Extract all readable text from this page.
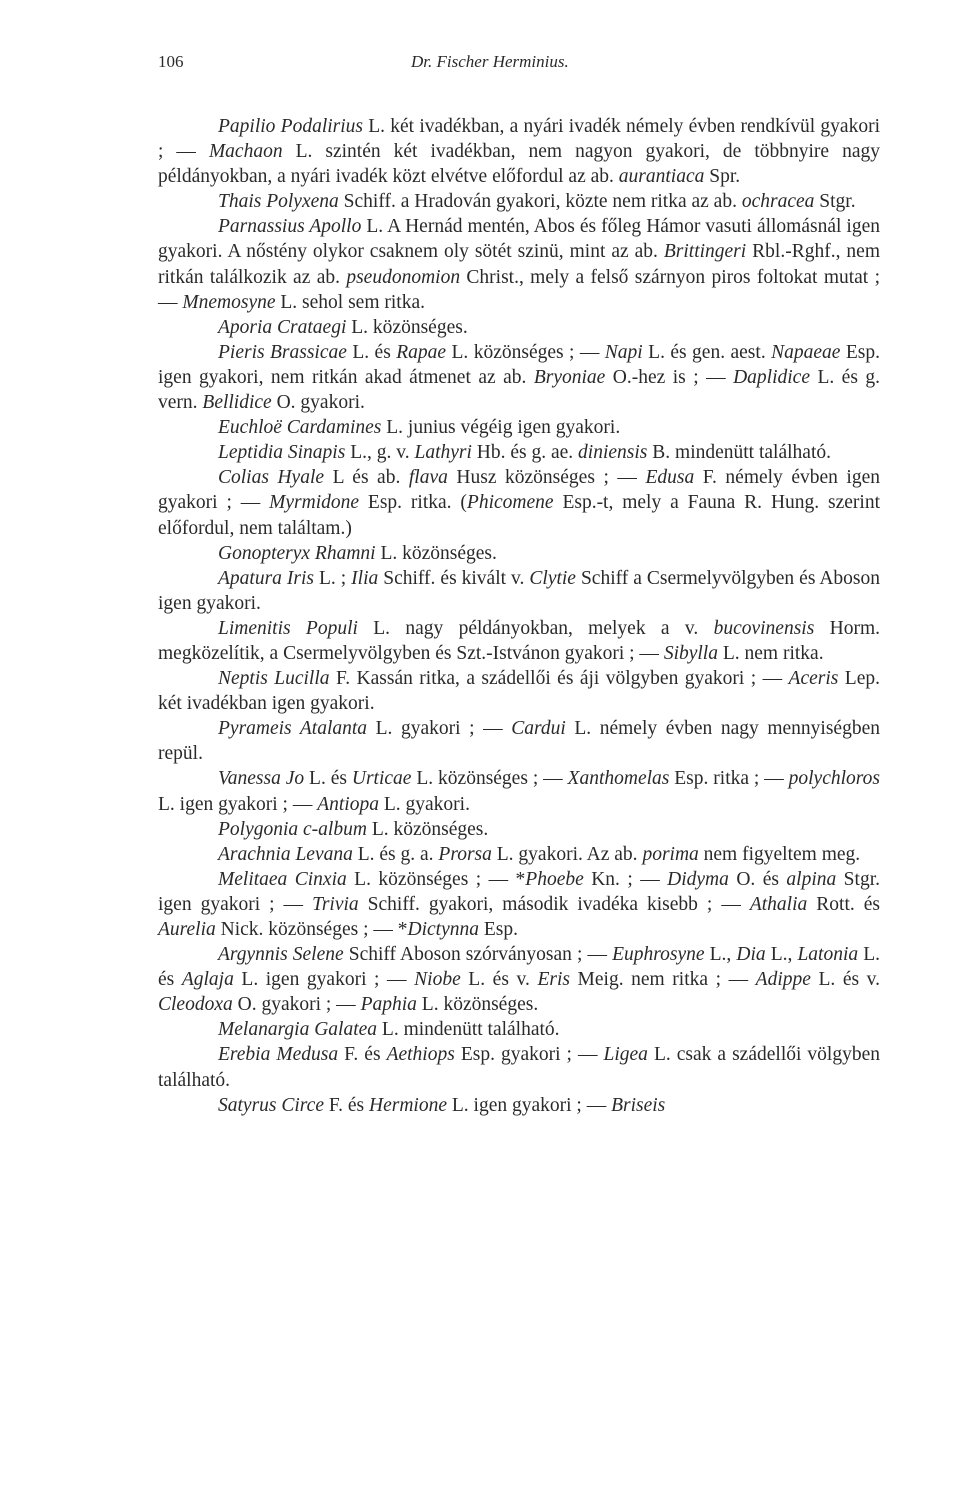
106	Dr. Fischer Herminius.

Papilio Podalirius L. két ivadékban, a nyári ivadék némely évben rendkívül gyakori ; — Machaon L. szintén két ivadékban, nem nagyon gyakori, de többnyire nagy példányokban, a nyári ivadék közt elvétve előfordul az ab. aurantiaca Spr.

Thais Polyxena Schiff. a Hradován gyakori, közte nem ritka az ab. ochracea Stgr.

Parnassius Apollo L. A Hernád mentén, Abos és főleg Hámor vasuti állomásnál igen gyakori. A nőstény olykor csaknem oly sötét szinü, mint az ab. Brittingeri Rbl.-Rghf., nem ritkán találkozik az ab. pseudonomion Christ., mely a felső szárnyon piros foltokat mutat ; — Mnemosyne L. sehol sem ritka.

Aporia Crataegi L. közönséges.

Pieris Brassicae L. és Rapae L. közönséges ; — Napi L. és gen. aest. Napaeae Esp. igen gyakori, nem ritkán akad átmenet az ab. Bryoniae O.-hez is ; — Daplidice L. és g. vern. Bellidice O. gyakori.

Euchloë Cardamines L. junius végéig igen gyakori.

Leptidia Sinapis L., g. v. Lathyri Hb. és g. ae. diniensis B. mindenütt található.

Colias Hyale L és ab. flava Husz közönséges ; — Edusa F. némely évben igen gyakori ; — Myrmidone Esp. ritka. (Phicomene Esp.-t, mely a Fauna R. Hung. szerint előfordul, nem találtam.)

Gonopteryx Rhamni L. közönséges.

Apatura Iris L. ; Ilia Schiff. és kivált v. Clytie Schiff a Csermelyvölgyben és Aboson igen gyakori.

Limenitis Populi L. nagy példányokban, melyek a v. bucovinensis Horm. megközelítik, a Csermelyvölgyben és Szt.-Istvánon gyakori ; — Sibylla L. nem ritka.

Neptis Lucilla F. Kassán ritka, a szádellői és áji völgyben gyakori ; — Aceris Lep. két ivadékban igen gyakori.

Pyrameis Atalanta L. gyakori ; — Cardui L. némely évben nagy mennyiségben repül.

Vanessa Jo L. és Urticae L. közönséges ; — Xanthomelas Esp. ritka ; — polychloros L. igen gyakori ; — Antiopa L. gyakori.

Polygonia c-album L. közönséges.

Arachnia Levana L. és g. a. Prorsa L. gyakori. Az ab. porima nem figyeltem meg.

Melitaea Cinxia L. közönséges ; — *Phoebe Kn. ; — Didyma O. és alpina Stgr. igen gyakori ; — Trivia Schiff. gyakori, második ivadéka kisebb ; — Athalia Rott. és Aurelia Nick. közönséges ; — *Dictynna Esp.

Argynnis Selene Schiff Aboson szórványosan ; — Euphrosyne L., Dia L., Latonia L. és Aglaja L. igen gyakori ; — Niobe L. és v. Eris Meig. nem ritka ; — Adippe L. és v. Cleodoxa O. gyakori ; — Paphia L. közönséges.

Melanargia Galatea L. mindenütt található.

Erebia Medusa F. és Aethiops Esp. gyakori ; — Ligea L. csak a szádellői völgyben található.

Satyrus Circe F. és Hermione L. igen gyakori ; — Briseis
